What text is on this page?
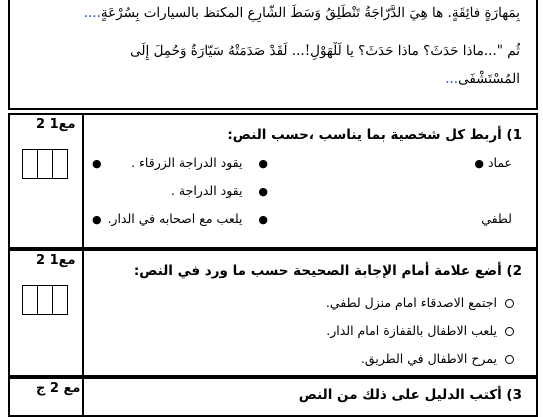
بِمَهارَةٍ فائِقَةٍ. ها هِيَ الدَّرّاجَةُ تَنْطَلِقُ وَسَطَ الشّارِعِ المكتظ بالسيارات بِسُرْعَةٍ....

ثُم "...ماذا حَدَثَ؟ ماذا حَدَثَ؟ يا لَلْهَوْلِ!... لَقَدْ صَدَمَتْهُ سَيّارَةٌ وَحُمِلَ إِلَى

المُسْتَشْفَى...

مع1 2
1) أربط كل شخصية بما يناسب ،حسب النص:
عماد ●
لطفي
●    يقود الدراجة الزرقاء .
●    يقود الدراجة .
●    يلعب مع اصحابه في الدار.
●
●
مع1 2
2) أضع علامة أمام الإجابة الصحيحة حسب ما ورد في النص:
اجتمع الاصدقاء امام منزل لطفي.
يلعب الاطفال بالقفازة امام الدار.
يمرح الاطفال في الطريق.
مع 2 ج	3) أكتب الدليل على ذلك من النص
